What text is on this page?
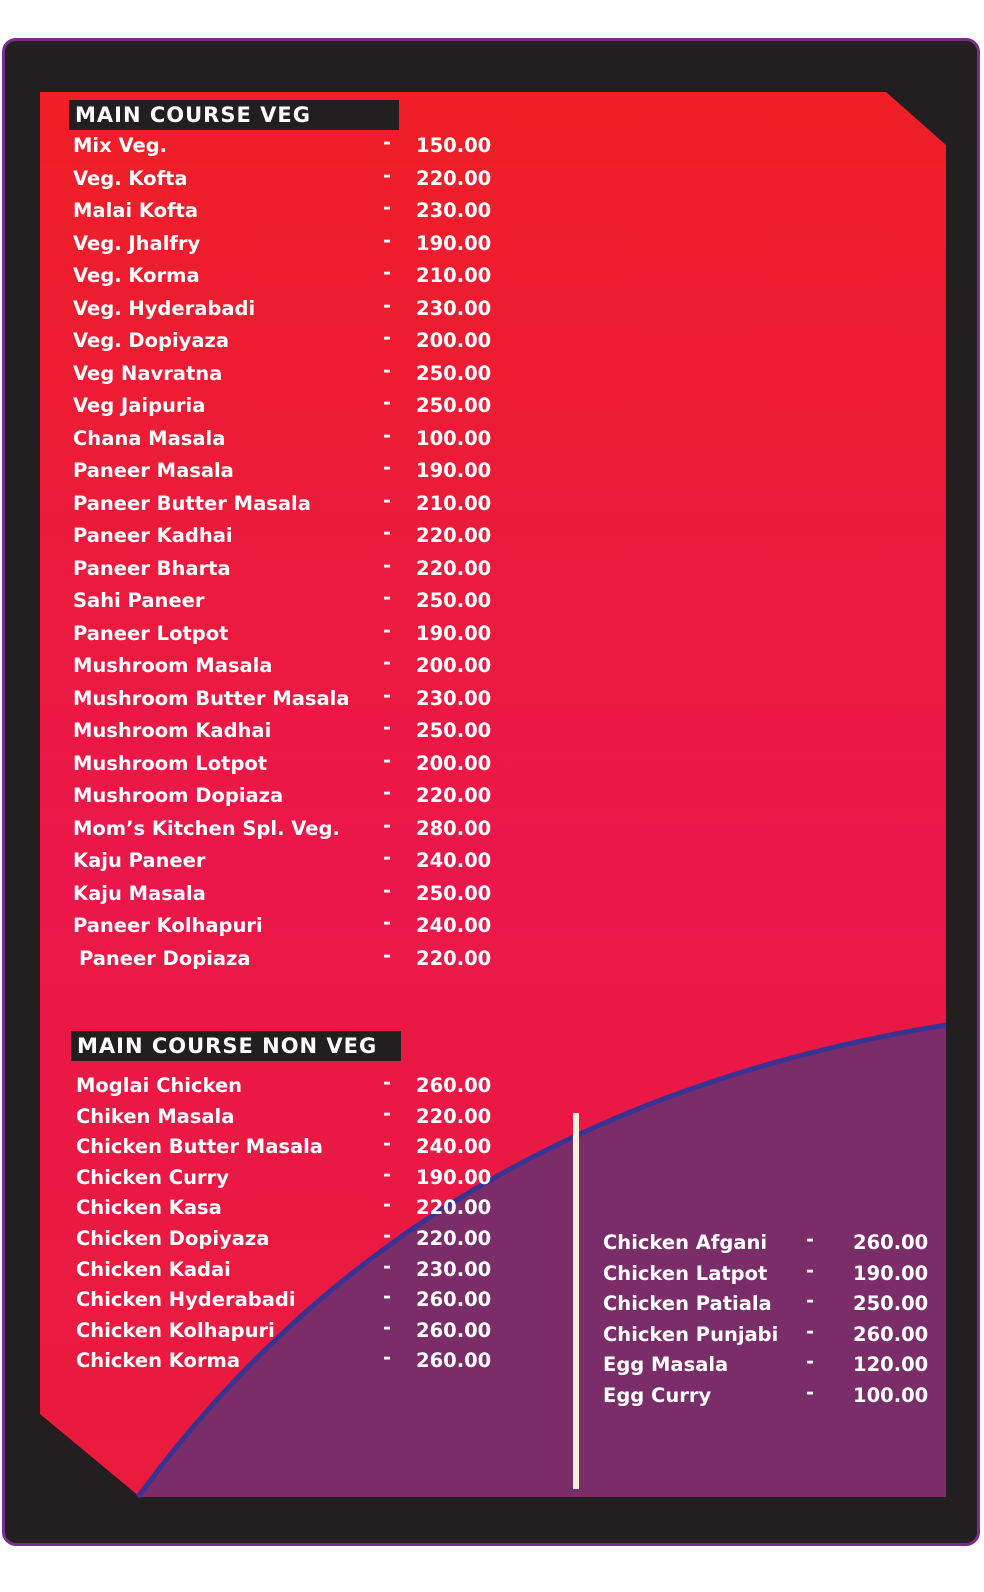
MAIN COURSE VEG
Mix Veg.	- 150.00
Veg. Kofta	- 220.00
Malai Kofta	- 230.00
Veg. Jhalfry	- 190.00
Veg. Korma	- 210.00
Veg. Hyderabadi	- 230.00
Veg. Dopiyaza	- 200.00
Veg Navratna	- 250.00
Veg Jaipuria	- 250.00
Chana Masala	- 100.00
Paneer Masala	- 190.00
Paneer Butter Masala	- 210.00
Paneer Kadhai	- 220.00
Paneer Bharta	- 220.00
Sahi Paneer	- 250.00
Paneer Lotpot	- 190.00
Mushroom Masala	- 200.00
Mushroom Butter Masala - 230.00
Mushroom Kadhai	- 250.00
Mushroom Lotpot	- 200.00
Mushroom Dopiaza	- 220.00
Mom’s Kitchen Spl. Veg. - 280.00
Kaju Paneer	- 240.00
Kaju Masala	- 250.00
Paneer Kolhapuri	- 240.00
Paneer Dopiaza	- 220.00
MAIN COURSE NON VEG
Moglai Chicken	- 260.00
Chiken Masala	- 220.00
Chicken Butter Masala	- 240.00
Chicken Curry	- 190.00
Chicken Kasa	- 220.00
Chicken Dopiyaza	- 220.00
Chicken Kadai	- 230.00
Chicken Hyderabadi	- 260.00
Chicken Kolhapuri	- 260.00
Chicken Korma	- 260.00
Chicken Afgani - 260.00
Chicken Latpot - 190.00
Chicken Patiala - 250.00
Chicken Punjabi - 260.00
Egg Masala	- 120.00
Egg Curry	- 100.00
